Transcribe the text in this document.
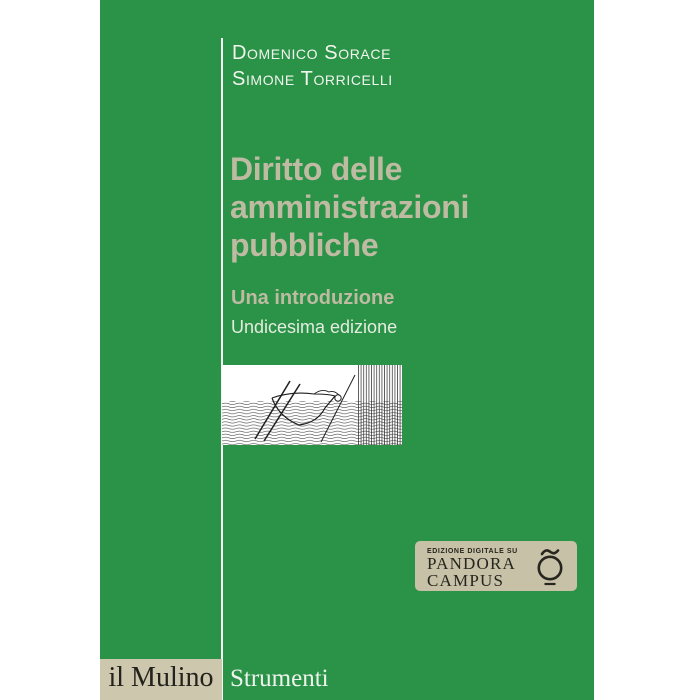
Domenico Sorace
Simone Torricelli
Diritto delle amministrazioni pubbliche
Una introduzione
Undicesima edizione
EDIZIONE DIGITALE SU
PANDORA
CAMPUS
il Mulino Strumenti
